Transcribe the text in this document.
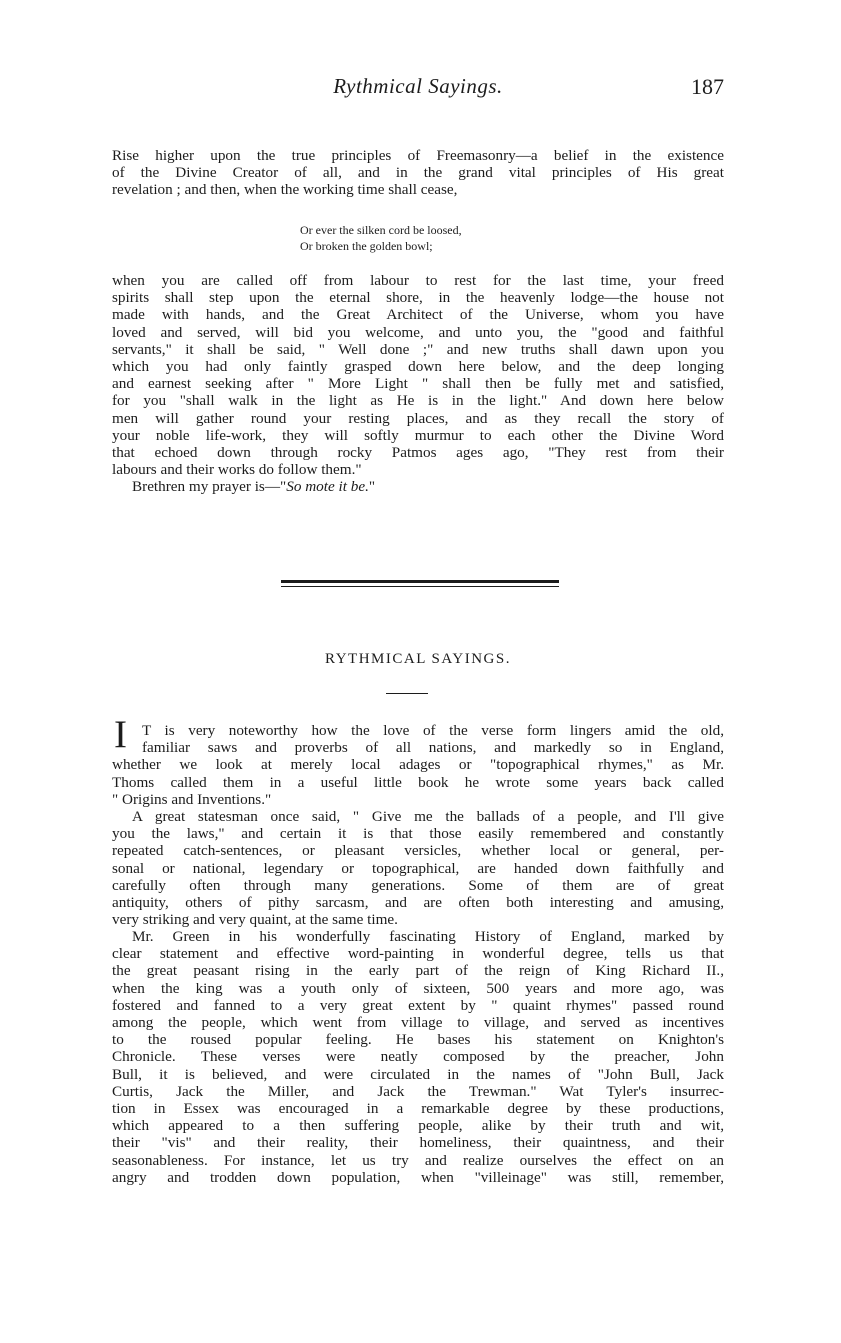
Rythmical Sayings.	187
Rise higher upon the true principles of Freemasonry—a belief in the existence
of the Divine Creator of all, and in the grand vital principles of His great
revelation ; and then, when the working time shall cease,
Or ever the silken cord be loosed,
Or broken the golden bowl;
when you are called off from labour to rest for the last time, your freed
spirits shall step upon the eternal shore, in the heavenly lodge—the house not
made with hands, and the Great Architect of the Universe, whom you have
loved and served, will bid you welcome, and unto you, the "good and faithful
servants," it shall be said, " Well done ;" and new truths shall dawn upon you
which you had only faintly grasped down here below, and the deep longing
and earnest seeking after " More Light " shall then be fully met and satisfied,
for you "shall walk in the light as He is in the light." And down here below
men will gather round your resting places, and as they recall the story of
your noble life-work, they will softly murmur to each other the Divine Word
that echoed down through rocky Patmos ages ago, "They rest from their
labours and their works do follow them."
Brethren my prayer is—"So mote it be."
RYTHMICAL SAYINGS.
I T is very noteworthy how the love of the verse form lingers amid the old,
familiar saws and proverbs of all nations, and markedly so in England,
whether we look at merely local adages or "topographical rhymes," as Mr.
Thoms called them in a useful little book he wrote some years back called
" Origins and Inventions."
A great statesman once said, " Give me the ballads of a people, and I'll give
you the laws," and certain it is that those easily remembered and constantly
repeated catch-sentences, or pleasant versicles, whether local or general, per-
sonal or national, legendary or topographical, are handed down faithfully and
carefully often through many generations. Some of them are of great
antiquity, others of pithy sarcasm, and are often both interesting and amusing,
very striking and very quaint, at the same time.
Mr. Green in his wonderfully fascinating History of England, marked by
clear statement and effective word-painting in wonderful degree, tells us that
the great peasant rising in the early part of the reign of King Richard II.,
when the king was a youth only of sixteen, 500 years and more ago, was
fostered and fanned to a very great extent by " quaint rhymes" passed round
among the people, which went from village to village, and served as incentives
to the roused popular feeling. He bases his statement on Knighton's
Chronicle. These verses were neatly composed by the preacher, John
Bull, it is believed, and were circulated in the names of "John Bull, Jack
Curtis, Jack the Miller, and Jack the Trewman." Wat Tyler's insurrec-
tion in Essex was encouraged in a remarkable degree by these productions,
which appeared to a then suffering people, alike by their truth and wit,
their "vis" and their reality, their homeliness, their quaintness, and their
seasonableness. For instance, let us try and realize ourselves the effect on an
angry and trodden down population, when "villeinage" was still, remember,
